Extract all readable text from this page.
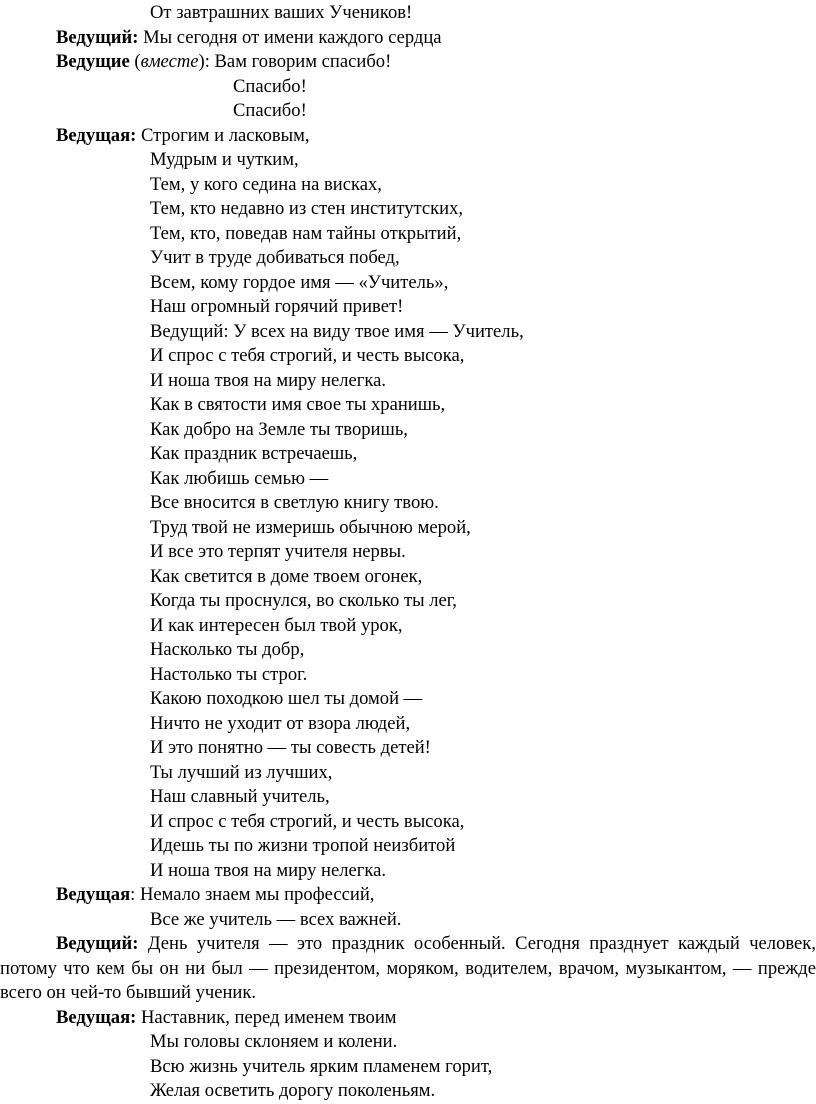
От завтрашних ваших Учеников!
Ведущий: Мы сегодня от имени каждого сердца
Ведущие (вместе): Вам говорим спасибо!
Спасибо!
Спасибо!
Ведущая: Строгим и ласковым,
Мудрым и чутким,
Тем, у кого седина на висках,
Тем, кто недавно из стен институтских,
Тем, кто, поведав нам тайны открытий,
Учит в труде добиваться побед,
Всем, кому гордое имя — «Учитель»,
Наш огромный горячий привет!
Ведущий: У всех на виду твое имя — Учитель,
И спрос с тебя строгий, и честь высока,
И ноша твоя на миру нелегка.
Как в святости имя свое ты хранишь,
Как добро на Земле ты творишь,
Как праздник встречаешь,
Как любишь семью —
Все вносится в светлую книгу твою.
Труд твой не измеришь обычною мерой,
И все это терпят учителя нервы.
Как светится в доме твоем огонек,
Когда ты проснулся, во сколько ты лег,
И как интересен был твой урок,
Насколько ты добр,
Настолько ты строг.
Какою походкою шел ты домой —
Ничто не уходит от взора людей,
И это понятно — ты совесть детей!
Ты лучший из лучших,
Наш славный учитель,
И спрос с тебя строгий, и честь высока,
Идешь ты по жизни тропой неизбитой
И ноша твоя на миру нелегка.
Ведущая: Немало знаем мы профессий,
Все же учитель — всех важней.

Ведущий: День учителя — это праздник особенный. Сегодня празднует каждый человек, потому что кем бы он ни был — президентом, моряком, водителем, врачом, музыкантом, — прежде всего он чей-то бывший ученик.

Ведущая: Наставник, перед именем твоим
Мы головы склоняем и колени.
Всю жизнь учитель ярким пламенем горит,
Желая осветить дорогу поколеньям.
